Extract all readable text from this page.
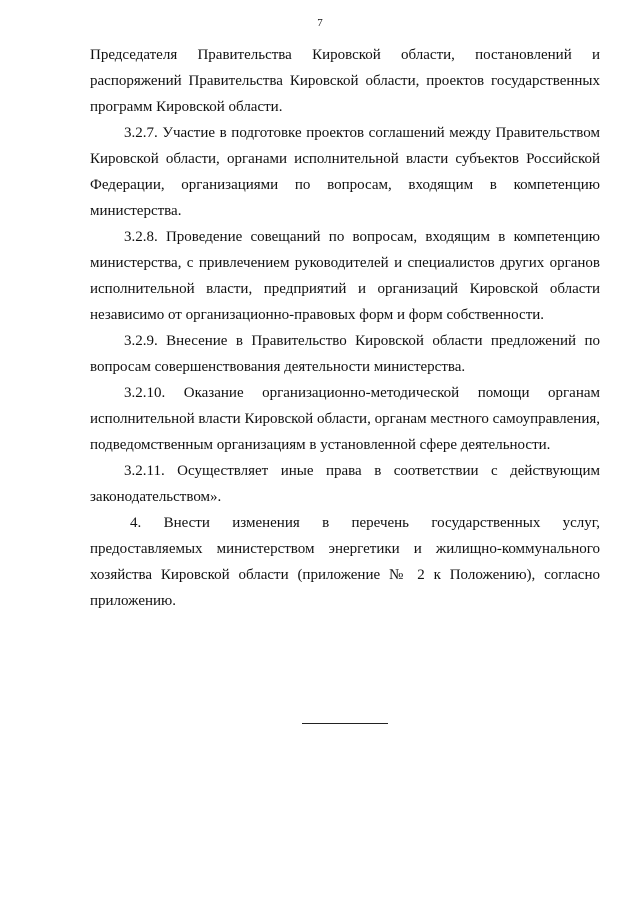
7

Председателя Правительства Кировской области, постановлений и распоряжений Правительства Кировской области, проектов государственных программ Кировской области.

3.2.7. Участие в подготовке проектов соглашений между Правительством Кировской области, органами исполнительной власти субъектов Российской Федерации, организациями по вопросам, входящим в компетенцию министерства.

3.2.8. Проведение совещаний по вопросам, входящим в компетенцию министерства, с привлечением руководителей и специалистов других органов исполнительной власти, предприятий и организаций Кировской области независимо от организационно-правовых форм и форм собственности.

3.2.9. Внесение в Правительство Кировской области предложений по вопросам совершенствования деятельности министерства.

3.2.10. Оказание организационно-методической помощи органам исполнительной власти Кировской области, органам местного самоуправления, подведомственным организациям в установленной сфере деятельности.

3.2.11. Осуществляет иные права в соответствии с действующим законодательством».

4. Внести изменения в перечень государственных услуг, предоставляемых министерством энергетики и жилищно-коммунального хозяйства Кировской области (приложение № 2 к Положению), согласно приложению.
